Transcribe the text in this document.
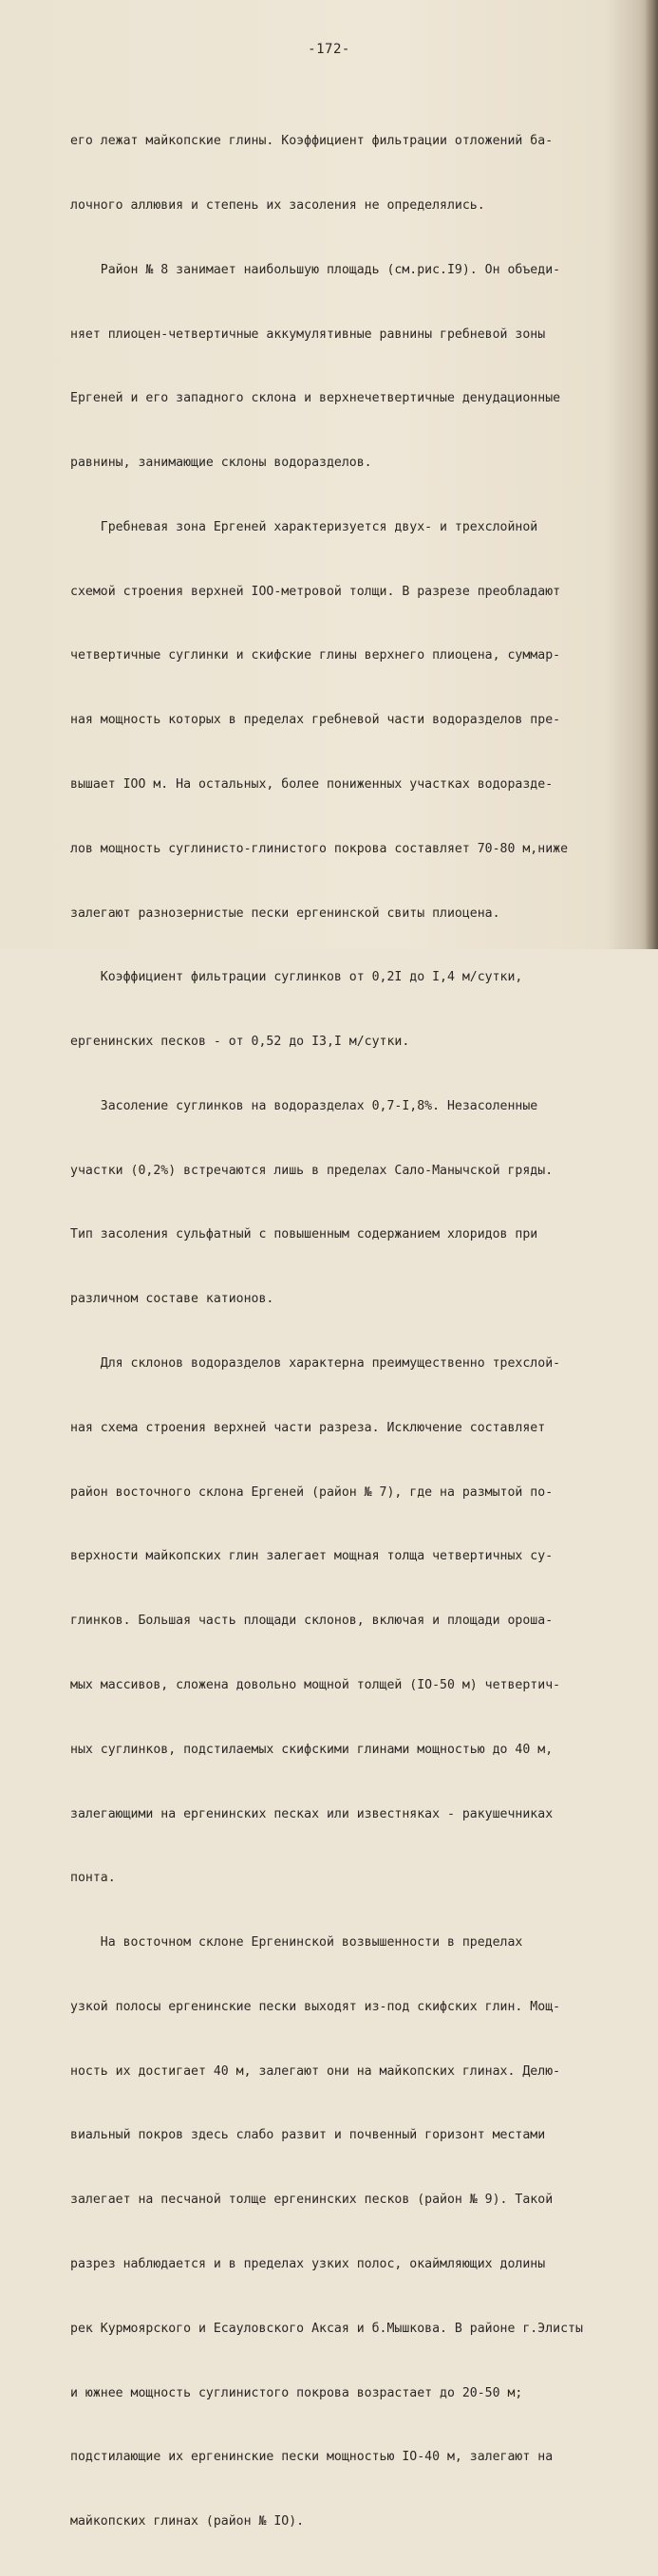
-172-

его лежат майкопские глины. Коэффициент фильтрации отложений ба-

лочного аллювия и степень их засоления не определялись.

Район № 8 занимает наибольшую площадь (см.рис.I9). Он объеди-

няет плиоцен-четвертичные аккумулятивные равнины гребневой зоны

Ергеней и его западного склона и верхнечетвертичные денудационные

равнины, занимающие склоны водоразделов.

Гребневая зона Ергеней характеризуется двух- и трехслойной

схемой строения верхней IOO-метровой толщи. В разрезе преобладают

четвертичные суглинки и скифские глины верхнего плиоцена, суммар-

ная мощность которых в пределах гребневой части водоразделов пре-

вышает IOO м. На остальных, более пониженных участках водоразде-

лов мощность суглинисто-глинистого покрова составляет 70-80 м,ниже

залегают разнозернистые пески ергенинской свиты плиоцена.

Коэффициент фильтрации суглинков от 0,2I до I,4 м/сутки,

ергенинских песков - от 0,52 до I3,I м/сутки.

Засоление суглинков на водоразделах 0,7-I,8%. Незасоленные

участки (0,2%) встречаются лишь в пределах Сало-Манычской гряды.

Тип засоления сульфатный с повышенным содержанием хлоридов при

различном составе катионов.

Для склонов водоразделов характерна преимущественно трехслой-

ная схема строения верхней части разреза. Исключение составляет

район восточного склона Ергеней (район № 7), где на размытой по-

верхности майкопских глин залегает мощная толща четвертичных су-

глинков. Большая часть площади склонов, включая и площади ороша-

мых массивов, сложена довольно мощной толщей (IO-50 м) четвертич-

ных суглинков, подстилаемых скифскими глинами мощностью до 40 м,

залегающими на ергенинских песках или известняках - ракушечниках

понта.

На восточном склоне Ергенинской возвышенности в пределах

узкой полосы ергенинские пески выходят из-под скифских глин. Мощ-

ность их достигает 40 м, залегают они на майкопских глинах. Делю-

виальный покров здесь слабо развит и почвенный горизонт местами

залегает на песчаной толще ергенинских песков (район № 9). Такой

разрез наблюдается и в пределах узких полос, окаймляющих долины

рек Курмоярского и Есауловского Аксая и б.Мышкова. В районе г.Элисты

и южнее мощность суглинистого покрова возрастает до 20-50 м;

подстилающие их ергенинские пески мощностью IO-40 м, залегают на

майкопских глинах (район № IO).
